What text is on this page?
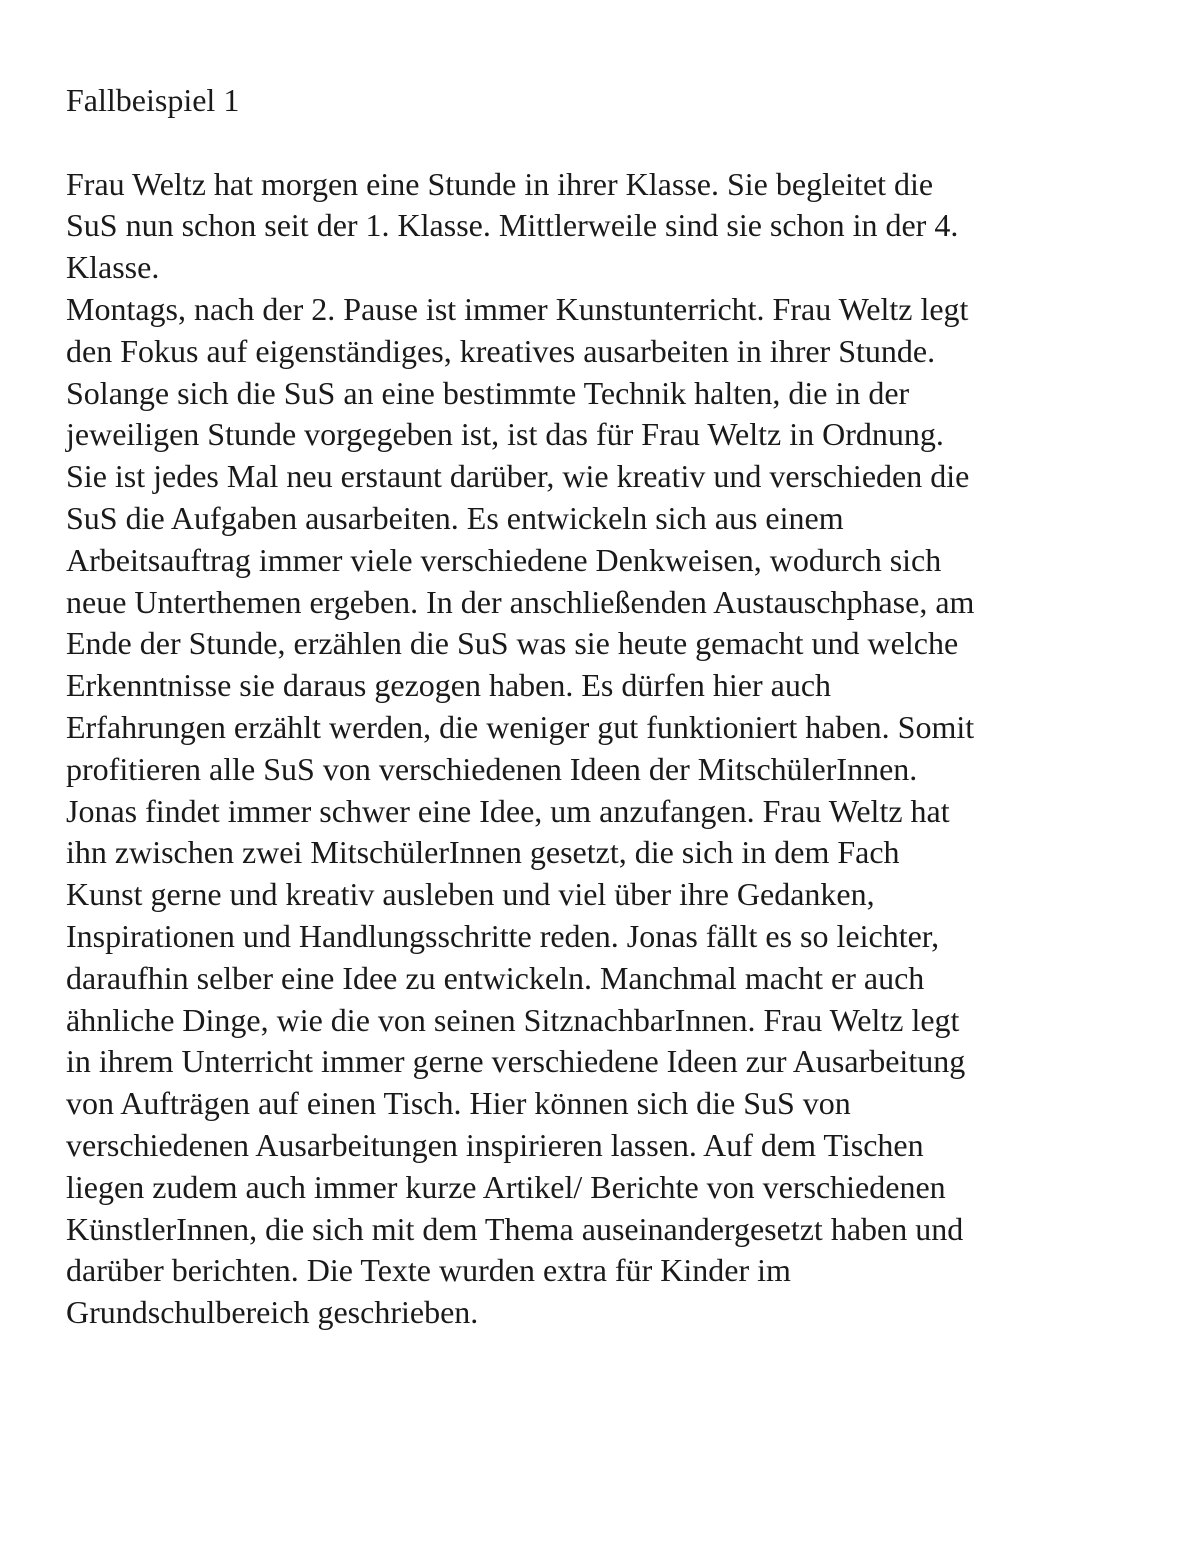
Fallbeispiel 1
Frau Weltz hat morgen eine Stunde in ihrer Klasse. Sie begleitet die
SuS nun schon seit der 1. Klasse. Mittlerweile sind sie schon in der 4.
Klasse.
Montags, nach der 2. Pause ist immer Kunstunterricht. Frau Weltz legt
den Fokus auf eigenständiges, kreatives ausarbeiten in ihrer Stunde.
Solange sich die SuS an eine bestimmte Technik halten, die in der
jeweiligen Stunde vorgegeben ist, ist das für Frau Weltz in Ordnung.
Sie ist jedes Mal neu erstaunt darüber, wie kreativ und verschieden die
SuS die Aufgaben ausarbeiten. Es entwickeln sich aus einem
Arbeitsauftrag immer viele verschiedene Denkweisen, wodurch sich
neue Unterthemen ergeben. In der anschließenden Austauschphase, am
Ende der Stunde, erzählen die SuS was sie heute gemacht und welche
Erkenntnisse sie daraus gezogen haben. Es dürfen hier auch
Erfahrungen erzählt werden, die weniger gut funktioniert haben. Somit
profitieren alle SuS von verschiedenen Ideen der MitschülerInnen.
Jonas findet immer schwer eine Idee, um anzufangen. Frau Weltz hat
ihn zwischen zwei MitschülerInnen gesetzt, die sich in dem Fach
Kunst gerne und kreativ ausleben und viel über ihre Gedanken,
Inspirationen und Handlungsschritte reden. Jonas fällt es so leichter,
daraufhin selber eine Idee zu entwickeln. Manchmal macht er auch
ähnliche Dinge, wie die von seinen SitznachbarInnen. Frau Weltz legt
in ihrem Unterricht immer gerne verschiedene Ideen zur Ausarbeitung
von Aufträgen auf einen Tisch. Hier können sich die SuS von
verschiedenen Ausarbeitungen inspirieren lassen. Auf dem Tischen
liegen zudem auch immer kurze Artikel/ Berichte von verschiedenen
KünstlerInnen, die sich mit dem Thema auseinandergesetzt haben und
darüber berichten. Die Texte wurden extra für Kinder im
Grundschulbereich geschrieben.
